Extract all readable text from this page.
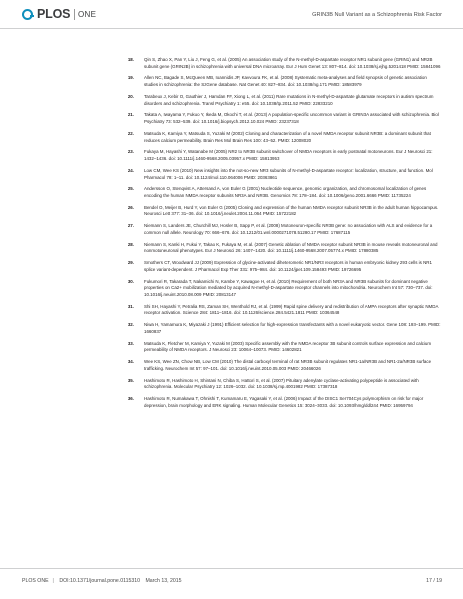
PLOS ONE	GRIN3B Null Variant as a Schizophrenia Risk Factor
18. Qin S, Zhao X, Pan Y, Liu J, Feng G, et al. (2005) An association study of the N-methyl-D-aspartate receptor NR1 subunit gene (GRIN1) and NR2B subunit gene (GRIN2B) in schizophrenia with universal DNA microarray. Eur J Hum Genet 13: 807–814. doi: 10.1038/sj.ejhg.5201418 PMID: 15841096
19. Allen NC, Bagade S, McQueen MB, Ioannidis JP, Kavvoura FK, et al. (2008) Systematic meta-analyses and field synopsis of genetic association studies in schizophrenia: the SzGene database. Nat Genet 40: 827–834. doi: 10.1038/ng.171 PMID: 18583979
20. Tarabeux J, Kebir O, Gauthier J, Hamdan FF, Xiong L, et al. (2011) Rare mutations in N-methyl-D-aspartate glutamate receptors in autism spectrum disorders and schizophrenia. Transl Psychiatry 1: e55. doi: 10.1038/tp.2011.52 PMID: 22833210
21. Takata A, Iwayama Y, Fukuo Y, Ikeda M, Okochi T, et al. (2013) A population-specific uncommon variant in GRIN3A associated with schizophrenia. Biol Psychiatry 73: 532–539. doi: 10.1016/j.biopsych.2012.10.024 PMID: 23237318
22. Matsuda K, Kamiya Y, Matsuda S, Yuzaki M (2002) Cloning and characterization of a novel NMDA receptor subunit NR3B: a dominant subunit that reduces calcium permeability. Brain Res Mol Brain Res 100: 43–52. PMID: 12008020
23. Fukaya M, Hayashi Y, Watanabe M (2005) NR2 to NR3B subunit switchover of NMDA receptors in early postnatal motoneurons. Eur J Neurosci 21: 1432–1436. doi: 10.1111/j.1460-9568.2005.03957.x PMID: 15813953
24. Low CM, Wee KS (2010) New insights into the not-so-new NR3 subunits of N-methyl-D-aspartate receptor: localization, structure, and function. Mol Pharmacol 78: 1–11. doi: 10.1124/mol.110.064006 PMID: 20363861
25. Andersson O, Stenqvist A, Attersand A, von Euler G (2001) Nucleotide sequence, genomic organization, and chromosomal localization of genes encoding the human NMDA receptor subunits NR3A and NR3B. Genomics 78: 178–184. doi: 10.1006/geno.2001.6666 PMID: 11735224
26. Bendel O, Meijer B, Hurd Y, von Euler G (2005) Cloning and expression of the human NMDA receptor subunit NR3B in the adult human hippocampus. Neurosci Lett 377: 31–36. doi: 10.1016/j.neulet.2004.11.064 PMID: 15722182
27. Niemann S, Landers JE, Churchill MJ, Hosler B, Sapp P, et al. (2008) Motoneuron-specific NR3B gene: no association with ALS and evidence for a common null allele. Neurology 70: 666–676. doi: 10.1212/01.wnl.0000271078.51280.17 PMID: 17687115
28. Niemann S, Kanki H, Fukui Y, Takao K, Fukaya M, et al. (2007) Genetic ablation of NMDA receptor subunit NR3B in mouse reveals motoneuronal and nonmotoneuronal phenotypes. Eur J Neurosci 26: 1407–1420. doi: 10.1111/j.1460-9568.2007.05774.x PMID: 17880385
29. Smothers CT, Woodward JJ (2009) Expression of glycine-activated diheteromeric NR1/NR3 receptors in human embryonic kidney 293 cells is NR1 splice variant-dependent. J Pharmacol Exp Ther 331: 975–984. doi: 10.1124/jpet.109.158493 PMID: 19726695
30. Fukumori R, Takarada T, Nakamichi N, Kambe Y, Kawagoe H, et al. (2010) Requirement of both NR3A and NR3B subunits for dominant negative properties on Ca2+ mobilization mediated by acquired N-methyl-D-aspartate receptor channels into mitochondria. Neurochem Int 57: 730–737. doi: 10.1016/j.neuint.2010.08.009 PMID: 20813147
31. Shi SH, Hayashi Y, Petralia RS, Zaman SH, Wenthold RJ, et al. (1999) Rapid spine delivery and redistribution of AMPA receptors after synaptic NMDA receptor activation. Science 284: 1811–1816. doi: 10.1126/science.284.5421.1811 PMID: 10364548
32. Niwa H, Yamamura K, Miyazaki J (1991) Efficient selection for high-expression transfectants with a novel eukaryotic vector. Gene 108: 193–199. PMID: 1660837
33. Matsuda K, Fletcher M, Kamiya Y, Yuzaki M (2003) Specific assembly with the NMDA receptor 3B subunit controls surface expression and calcium permeability of NMDA receptors. J Neurosci 23: 10064–10073. PMID: 14602821
34. Wee KS, Wee ZN, Chow NB, Low CM (2010) The distal carboxyl terminal of rat NR3B subunit regulates NR1-1a/NR3B and NR1-2a/NR3B surface trafficking. Neurochem Int 57: 97–101. doi: 10.1016/j.neuint.2010.05.003 PMID: 20466026
35. Hashimoto R, Hashimoto H, Shintani N, Chiba S, Hattori S, et al. (2007) Pituitary adenylate cyclase-activating polypeptide is associated with schizophrenia. Molecular Psychiatry 12: 1026–1032. doi: 10.1038/sj.mp.4001982 PMID: 17387318
36. Hashimoto R, Numakawa T, Ohnishi T, Kumamaru E, Yagasaki Y, et al. (2006) Impact of the DISC1 Ser704Cys polymorphism on risk for major depression, brain morphology and ERK signaling. Human Molecular Genetics 15: 3024–3033. doi: 10.1093/hmg/ddl244 PMID: 16959794
PLOS ONE | DOI:10.1371/journal.pone.0115310 March 13, 2015	17 / 19
